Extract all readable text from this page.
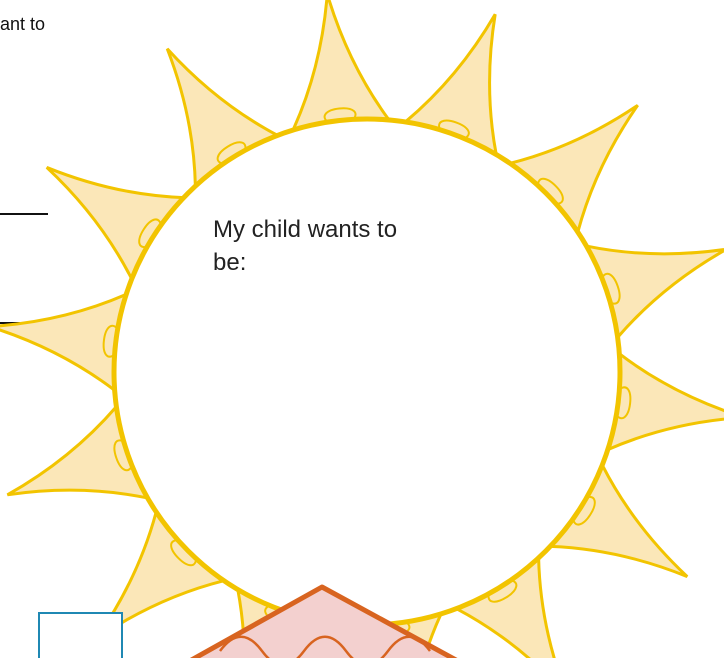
ant to
My child wants to
be:
